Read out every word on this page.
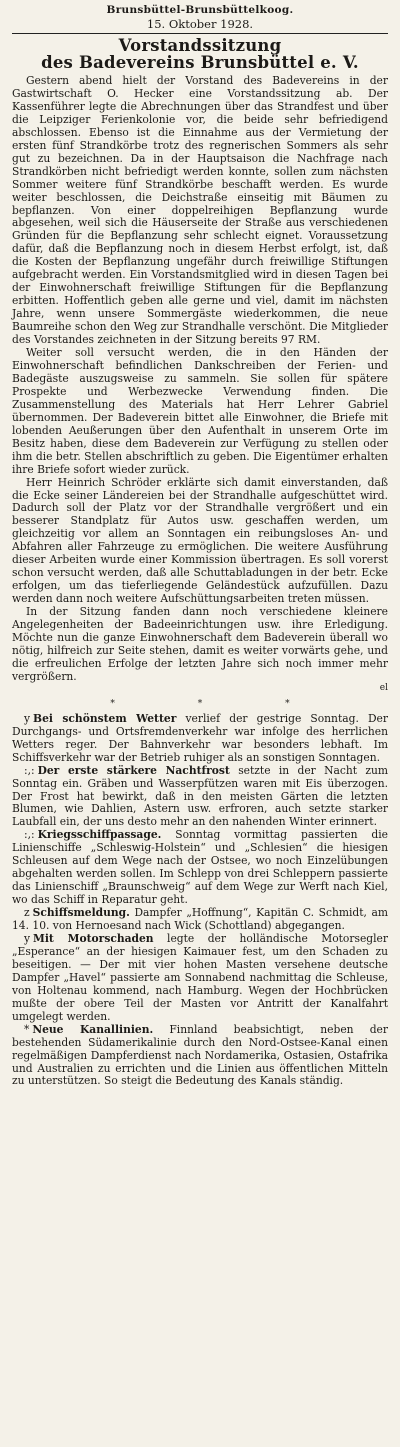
Brunsbüttel-Brunsbüttelkoog.
15. Oktober 1928.
Vorstandssitzung
des Badevereins Brunsbüttel e. V.

Gestern abend hielt der Vorstand des Badevereins in der Gastwirtschaft O. Hecker eine Vorstandssitzung ab. Der Kassenführer legte die Abrechnungen über das Strandfest und über die Leipziger Ferienkolonie vor, die beide sehr befriedigend abschlossen. Ebenso ist die Einnahme aus der Vermietung der ersten fünf Strandkörbe trotz des regnerischen Sommers als sehr gut zu bezeichnen. Da in der Hauptsaison die Nachfrage nach Strandkörben nicht befriedigt werden konnte, sollen zum nächsten Sommer weitere fünf Strandkörbe beschafft werden. Es wurde weiter beschlossen, die Deichstraße einseitig mit Bäumen zu bepflanzen. Von einer doppelreihigen Bepflanzung wurde abgesehen, weil sich die Häuserseite der Straße aus verschiedenen Gründen für die Bepflanzung sehr schlecht eignet. Voraussetzung dafür, daß die Bepflanzung noch in diesem Herbst erfolgt, ist, daß die Kosten der Bepflanzung ungefähr durch freiwillige Stiftungen aufgebracht werden. Ein Vorstandsmitglied wird in diesen Tagen bei der Einwohnerschaft freiwillige Stiftungen für die Bepflanzung erbitten. Hoffentlich geben alle gerne und viel, damit im nächsten Jahre, wenn unsere Sommergäste wiederkommen, die neue Baumreihe schon den Weg zur Strandhalle verschönt. Die Mitglieder des Vorstandes zeichneten in der Sitzung bereits 97 RM.

Weiter soll versucht werden, die in den Händen der Einwohnerschaft befindlichen Dankschreiben der Ferien- und Badegäste auszugsweise zu sammeln. Sie sollen für spätere Prospekte und Werbezwecke Verwendung finden. Die Zusammenstellung des Materials hat Herr Lehrer Gabriel übernommen. Der Badeverein bittet alle Einwohner, die Briefe mit lobenden Aeußerungen über den Aufenthalt in unserem Orte im Besitz haben, diese dem Badeverein zur Verfügung zu stellen oder ihm die betr. Stellen abschriftlich zu geben. Die Eigentümer erhalten ihre Briefe sofort wieder zurück.

Herr Heinrich Schröder erklärte sich damit einverstanden, daß die Ecke seiner Ländereien bei der Strandhalle aufgeschüttet wird. Dadurch soll der Platz vor der Strandhalle vergrößert und ein besserer Standplatz für Autos usw. geschaffen werden, um gleichzeitig vor allem an Sonntagen ein reibungsloses An- und Abfahren aller Fahrzeuge zu ermöglichen. Die weitere Ausführung dieser Arbeiten wurde einer Kommission übertragen. Es soll vorerst schon versucht werden, daß alle Schuttabladungen in der betr. Ecke erfolgen, um das tieferliegende Geländestück aufzufüllen. Dazu werden dann noch weitere Aufschüttungsarbeiten treten müssen.

In der Sitzung fanden dann noch verschiedene kleinere Angelegenheiten der Badeeinrichtungen usw. ihre Erledigung. Möchte nun die ganze Einwohnerschaft dem Badeverein überall wo nötig, hilfreich zur Seite stehen, damit es weiter vorwärts gehe, und die erfreulichen Erfolge der letzten Jahre sich noch immer mehr vergrößern.

el
* * *

y Bei schönstem Wetter verlief der gestrige Sonntag. Der Durchgangs- und Ortsfremdenverkehr war infolge des herrlichen Wetters reger. Der Bahnverkehr war besonders lebhaft. Im Schiffsverkehr war der Betrieb ruhiger als an sonstigen Sonntagen.

:,: Der erste stärkere Nachtfrost setzte in der Nacht zum Sonntag ein. Gräben und Wasserpfützen waren mit Eis überzogen. Der Frost hat bewirkt, daß in den meisten Gärten die letzten Blumen, wie Dahlien, Astern usw. erfroren, auch setzte starker Laubfall ein, der uns desto mehr an den nahenden Winter erinnert.

:,: Kriegsschiffpassage. Sonntag vormittag passierten die Linienschiffe „Schleswig-Holstein“ und „Schlesien“ die hiesigen Schleusen auf dem Wege nach der Ostsee, wo noch Einzelübungen abgehalten werden sollen. Im Schlepp von drei Schleppern passierte das Linienschiff „Braunschweig“ auf dem Wege zur Werft nach Kiel, wo das Schiff in Reparatur geht.

z Schiffsmeldung. Dampfer „Hoffnung“, Kapitän C. Schmidt, am 14. 10. von Hernoesand nach Wick (Schottland) abgegangen.

y Mit Motorschaden legte der holländische Motorsegler „Esperance“ an der hiesigen Kaimauer fest, um den Schaden zu beseitigen. — Der mit vier hohen Masten versehene deutsche Dampfer „Havel“ passierte am Sonnabend nachmittag die Schleuse, von Holtenau kommend, nach Hamburg. Wegen der Hochbrücken mußte der obere Teil der Masten vor Antritt der Kanalfahrt umgelegt werden.

* Neue Kanallinien. Finnland beabsichtigt, neben der bestehenden Südamerikalinie durch den Nord-Ostsee-Kanal einen regelmäßigen Dampferdienst nach Nordamerika, Ostasien, Ostafrika und Australien zu errichten und die Linien aus öffentlichen Mitteln zu unterstützen. So steigt die Bedeutung des Kanals ständig.
